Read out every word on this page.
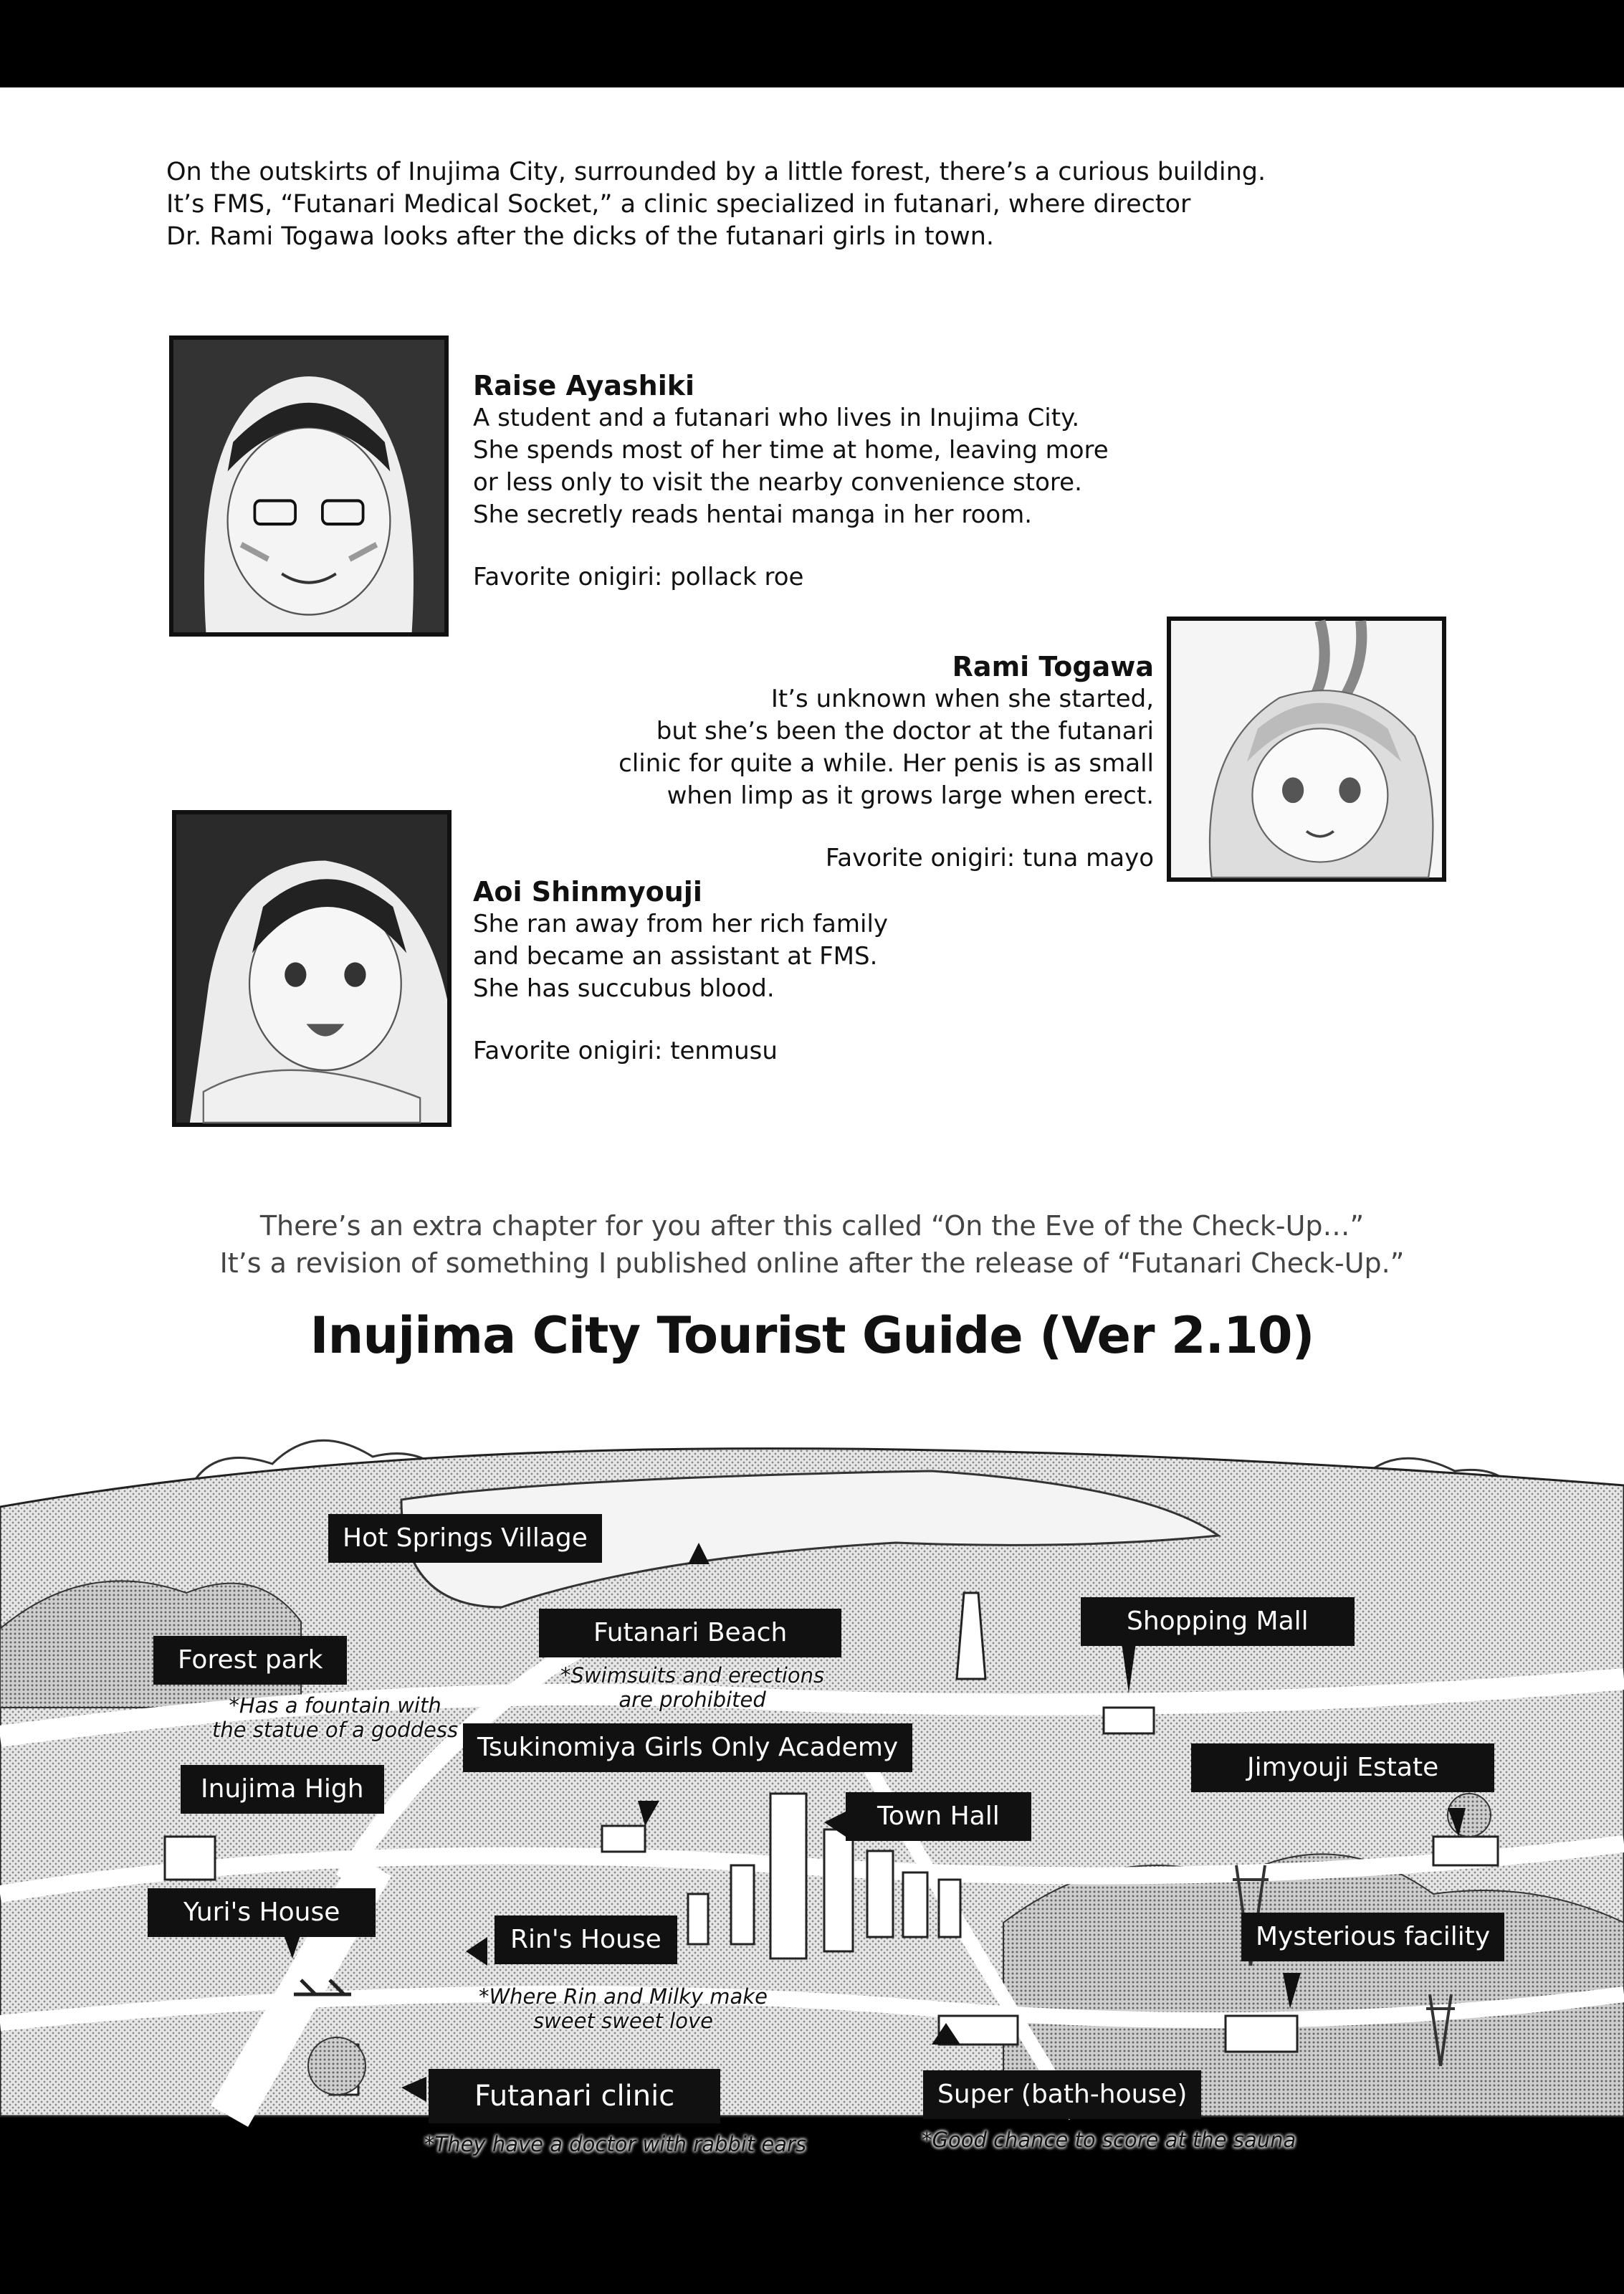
On the outskirts of Inujima City, surrounded by a little forest, there’s a curious building.
It’s FMS, “Futanari Medical Socket,” a clinic specialized in futanari, where director
Dr. Rami Togawa looks after the dicks of the futanari girls in town.
Raise Ayashiki
A student and a futanari who lives in Inujima City.
She spends most of her time at home, leaving more
or less only to visit the nearby convenience store.
She secretly reads hentai manga in her room.
Favorite onigiri: pollack roe
Rami Togawa
It’s unknown when she started,
but she’s been the doctor at the futanari
clinic for quite a while. Her penis is as small
when limp as it grows large when erect.
Favorite onigiri: tuna mayo
Aoi Shinmyouji
She ran away from her rich family
and became an assistant at FMS.
She has succubus blood.
Favorite onigiri: tenmusu
There’s an extra chapter for you after this called “On the Eve of the Check-Up…”
It’s a revision of something I published online after the release of “Futanari Check-Up.”
Inujima City Tourist Guide (Ver 2.10)
Hot Springs Village
Futanari Beach	Shopping Mall
Forest park
Tsukinomiya Girls Only Academy
Jimyouji Estate
Inujima High
Town Hall
Yuri's House
Rin's House	Mysterious facility
Futanari clinic	Super (bath-house)
*Swimsuits and erections
are prohibited
*Has a fountain with
the statue of a goddess
*Where Rin and Milky make
sweet sweet love
*They have a doctor with rabbit ears	*Good chance to score at the sauna
